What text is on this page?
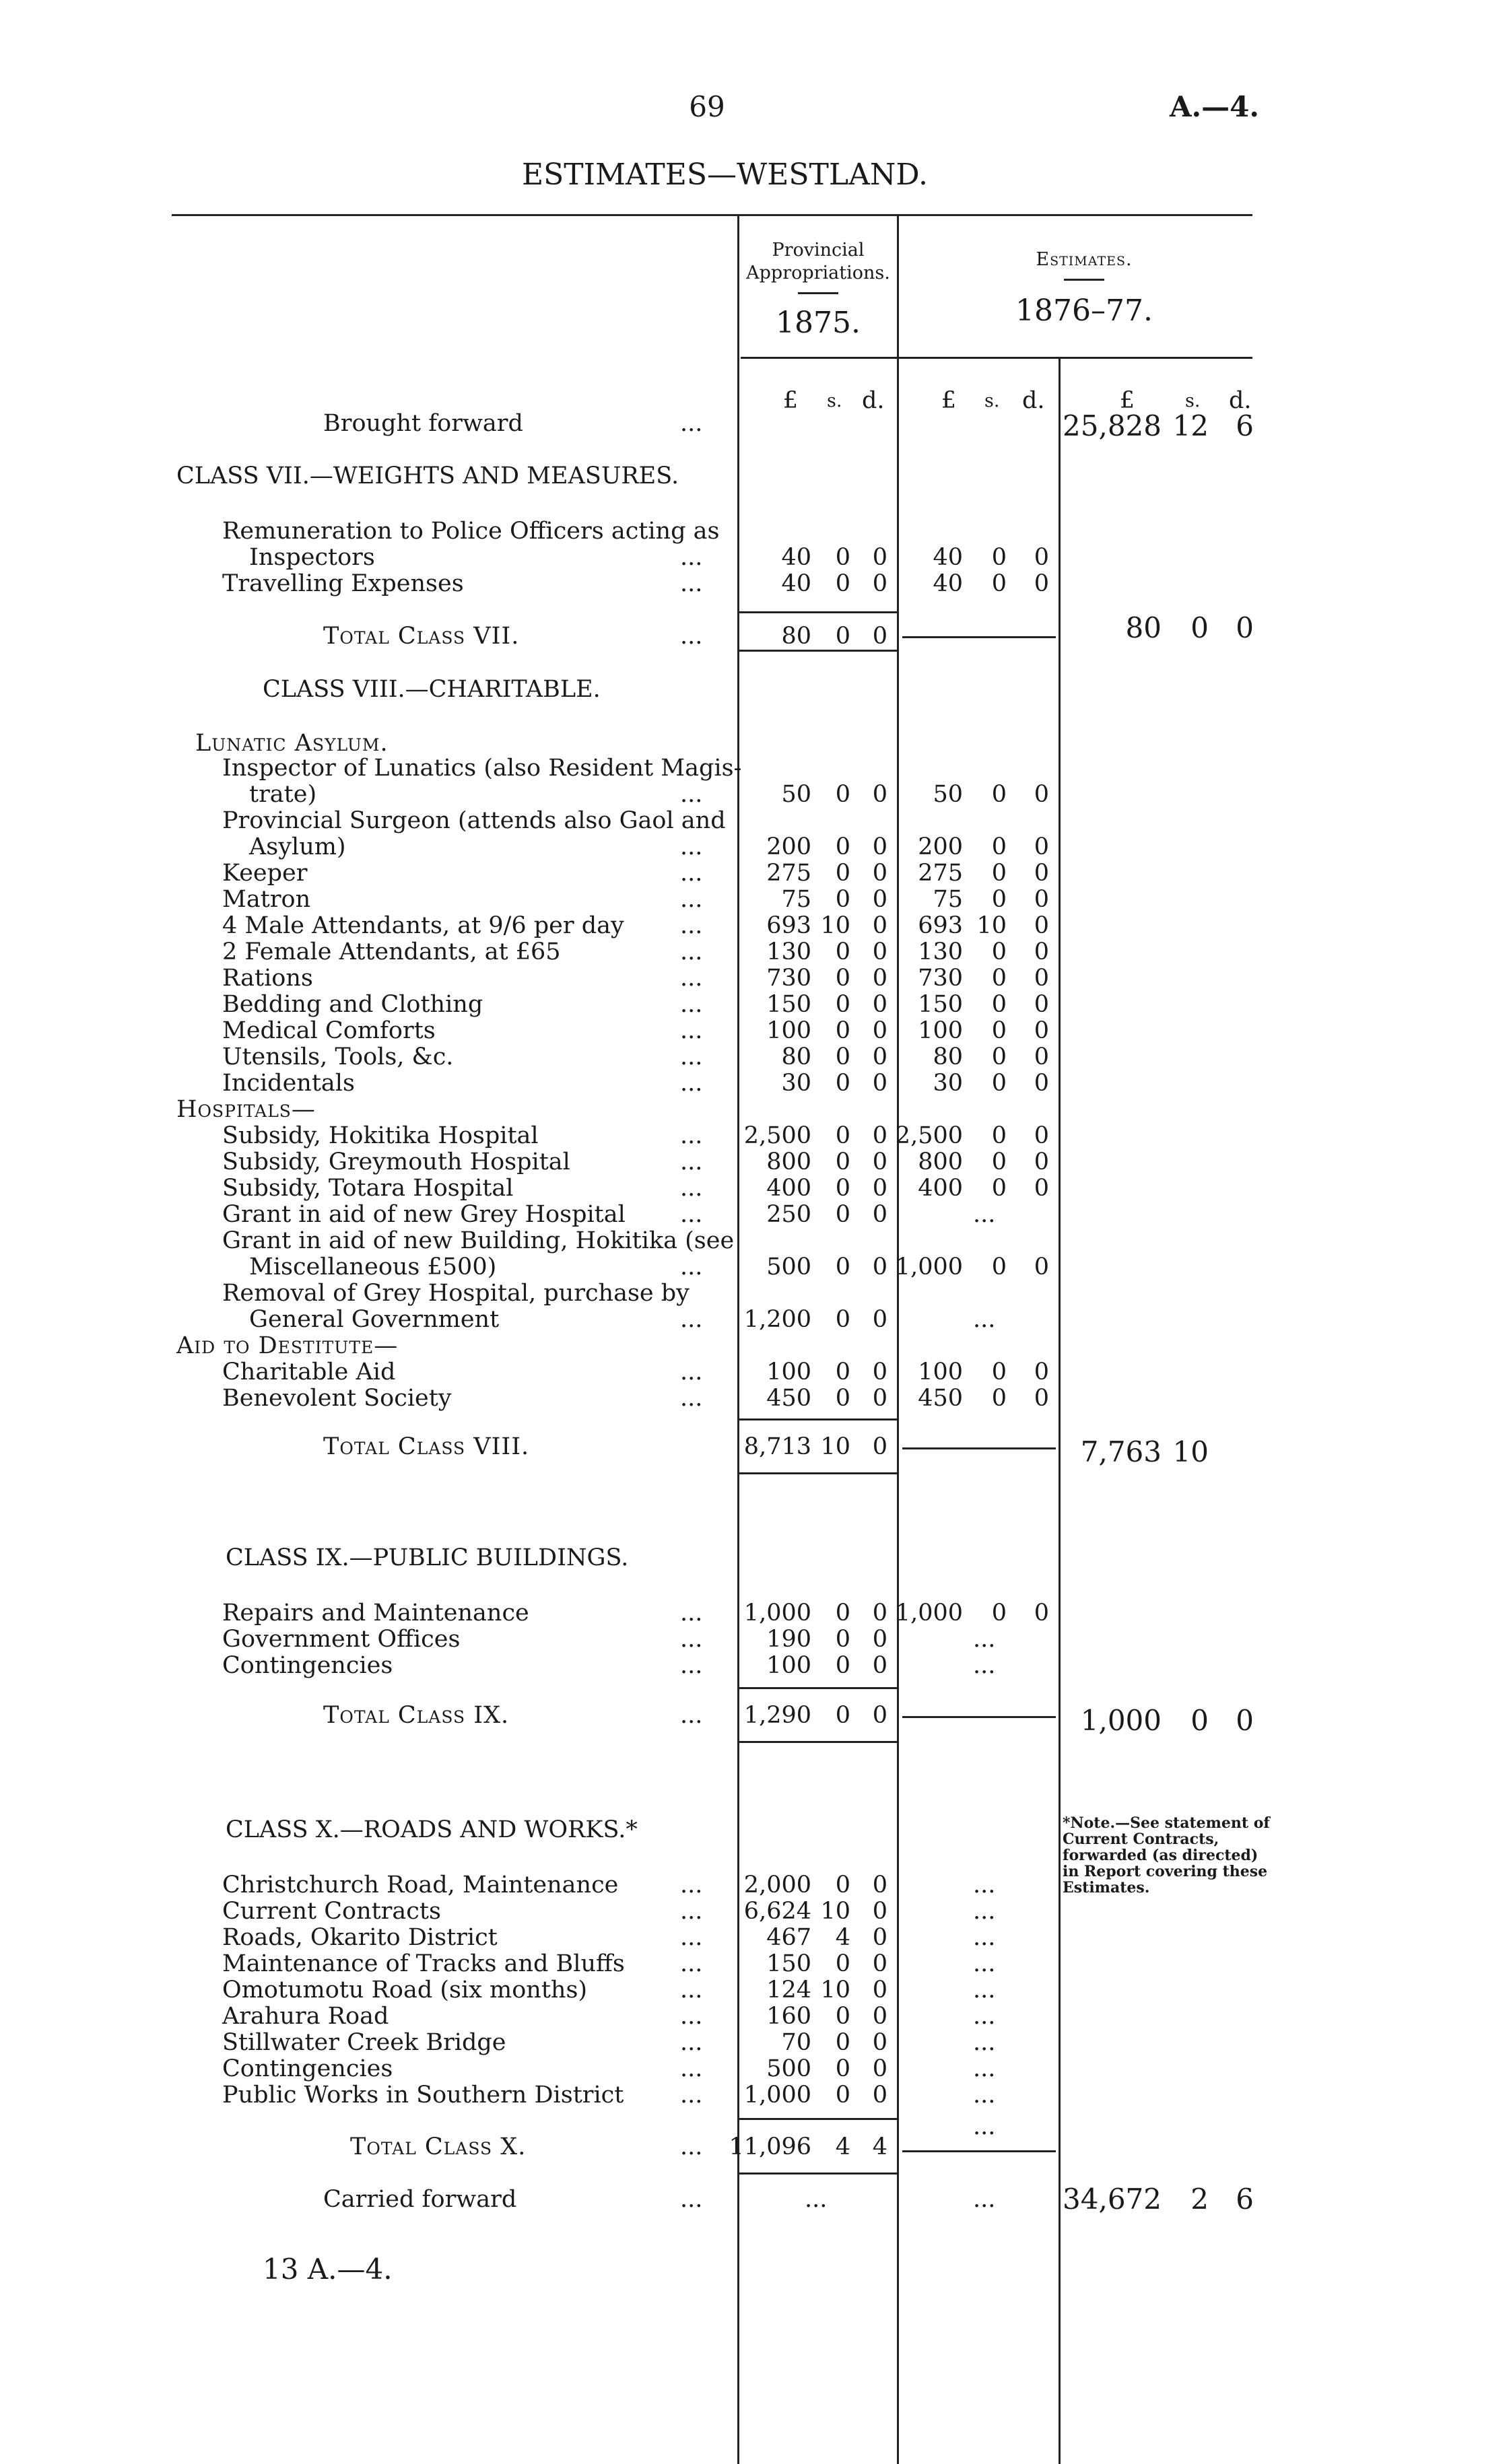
69	A.—4.
ESTIMATES—WESTLAND.
Provincial
Appropriations.
1875.
Estimates.
1876–77.
£ s. d. £ s. d.	£	s. d.
Brought forward	...	25,828 12 6
CLASS VII.—WEIGHTS AND MEASURES.
Remuneration to Police Officers acting as
Inspectors	...	40 0 0 40 0 0
Travelling Expenses	...	40 0 0 40 0 0
Total Class VII.	...	80 0 0	80 0 0
CLASS VIII.—CHARITABLE.
Lunatic Asylum.
Inspector of Lunatics (also Resident Magis-
trate)	...	50 0 0 50 0 0
Provincial Surgeon (attends also Gaol and
Asylum)	...	200 0 0 200 0 0
Keeper	...	275 0 0 275 0 0
Matron	...	75 0 0 75 0 0
4 Male Attendants, at 9/6 per day ...	693 10 0 693 10 0
2 Female Attendants, at £65	...	130 0 0 130 0 0
Rations	...	730 0 0 730 0 0
Bedding and Clothing	...	150 0 0 150 0 0
Medical Comforts	...	100 0 0 100 0 0
Utensils, Tools, &c.	...	80 0 0 80 0 0
Incidentals	...	30 0 0 30 0 0
Hospitals—
Subsidy, Hokitika Hospital	... 2,500 0 0 2,500 0 0
Subsidy, Greymouth Hospital	...	800 0 0 800 0 0
Subsidy, Totara Hospital	...	400 0 0 400 0 0
Grant in aid of new Grey Hospital ...	250 0 0	...
Grant in aid of new Building, Hokitika (see
Miscellaneous £500)	...	500 0 0 1,000 0 0
Removal of Grey Hospital, purchase by
General Government	... 1,200 0 0	...
Aid to Destitute—
Charitable Aid	...	100 0 0 100 0 0
Benevolent Society	...	450 0 0 450 0 0
Total Class VIII.	8,713 10 0	7,763 10
CLASS IX.—PUBLIC BUILDINGS.
Repairs and Maintenance	... 1,000 0 0 1,000 0 0
Government Offices	...	190 0 0	...
Contingencies	...	100 0 0	...
Total Class IX.	... 1,290 0 0	1,000 0 0
CLASS X.—ROADS AND WORKS.*	*Note.—See statement of Current Contracts, forwarded (as directed) in Report covering these Estimates.
Christchurch Road, Maintenance	... 2,000 0 0	...
Current Contracts	... 6,624 10 0	...
Roads, Okarito District	...	467 4 0	...
Maintenance of Tracks and Bluffs ...	150 0 0	...
Omotumotu Road (six months)	...	124 10 0	...
Arahura Road	...	160 0 0	...
Stillwater Creek Bridge	...	70 0 0	...
Contingencies	...	500 0 0	...
Public Works in Southern District ... 1,000 0 0	...
Total Class X.	... 11,096 4 4
...
Carried forward	...	...	... 34,672 2 6
13 A.—4.
